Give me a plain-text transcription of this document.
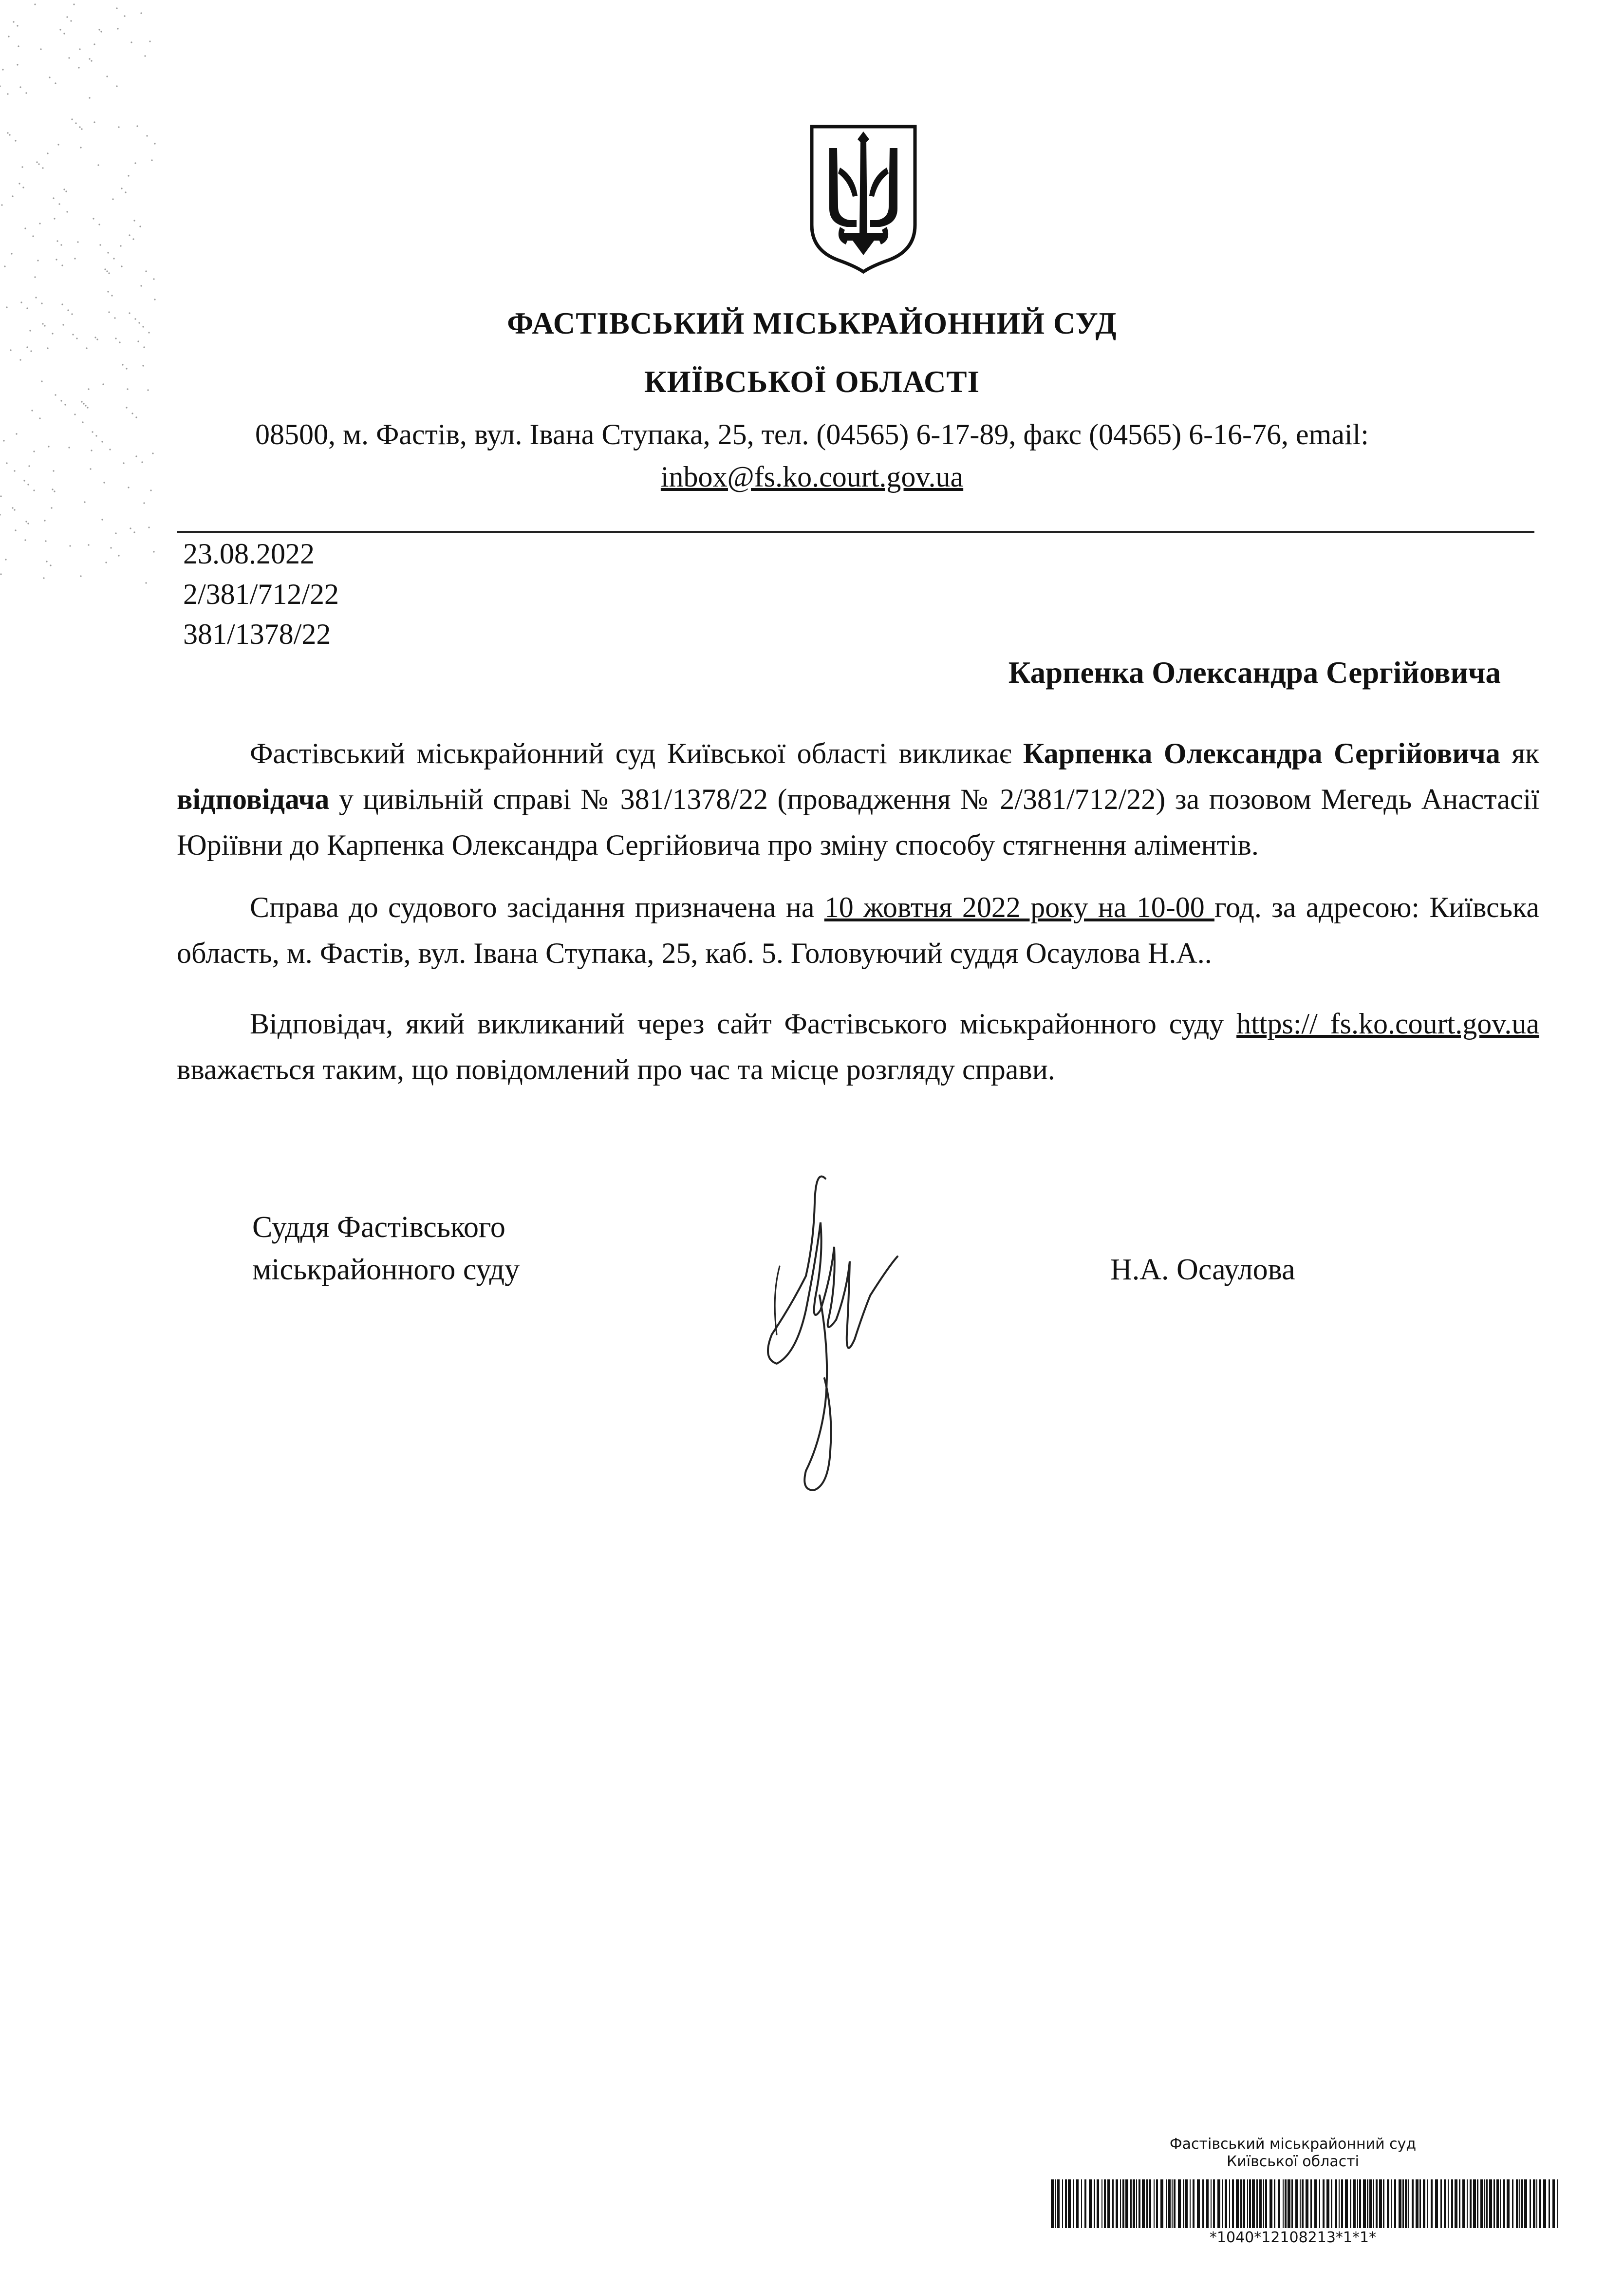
ФАСТІВСЬКИЙ МІСЬКРАЙОННИЙ СУД
КИЇВСЬКОЇ ОБЛАСТІ
08500, м. Фастів, вул. Івана Ступака, 25, тел. (04565) 6-17-89, факс (04565) 6-16-76, email:
inbox@fs.ko.court.gov.ua
23.08.2022
2/381/712/22
381/1378/22
Карпенка Олександра Сергійовича
Фастівський міськрайонний суд Київської області викликає Карпенка Олександра Сергійовича як відповідача у цивільній справі № 381/1378/22 (провадження № 2/381/712/22) за позовом Мегедь Анастасії Юріївни до Карпенка Олександра Сергійовича про зміну способу стягнення аліментів.
Справа до судового засідання призначена на 10 жовтня 2022 року на 10-00 год. за адресою: Київська область, м. Фастів, вул. Івана Ступака, 25, каб. 5. Головуючий суддя Осаулова Н.А..
Відповідач, який викликаний через сайт Фастівського міськрайонного суду https:// fs.ko.court.gov.ua вважається таким, що повідомлений про час та місце розгляду справи.
Суддя Фастівського
міськрайонного суду	Н.А. Осаулова
Фастівський міськрайонний суд
Київської області
*1040*12108213*1*1*
